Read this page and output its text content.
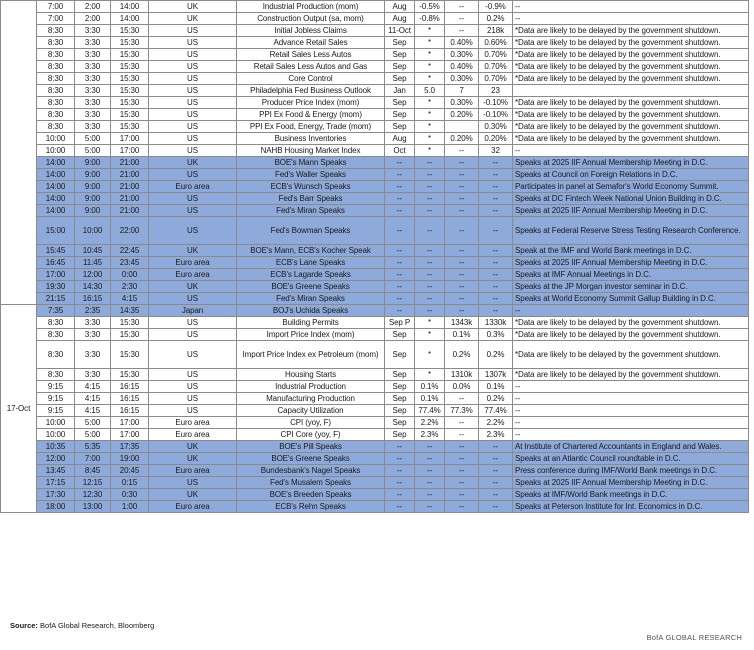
	7:00	2:00	14:00	UK	Industrial Production (mom)	Aug	-0.5%	--	-0.9%	--
	7:00	2:00	14:00	UK	Construction Output (sa, mom)	Aug	-0.8%	--	0.2%	--
	8:30	3:30	15:30	US	Initial Jobless Claims	11-Oct	*	--	218k	*Data are likely to be delayed by the government shutdown.
	8:30	3:30	15:30	US	Advance Retail Sales	Sep	*	0.40%	0.60%	*Data are likely to be delayed by the government shutdown.
	8:30	3:30	15:30	US	Retail Sales Less Autos	Sep	*	0.30%	0.70%	*Data are likely to be delayed by the government shutdown.
	8:30	3:30	15:30	US	Retail Sales Less Autos and Gas	Sep	*	0.40%	0.70%	*Data are likely to be delayed by the government shutdown.
	8:30	3:30	15:30	US	Core Control	Sep	*	0.30%	0.70%	*Data are likely to be delayed by the government shutdown.
	8:30	3:30	15:30	US	Philadelphia Fed Business Outlook	Jan	5.0	7	23	
	8:30	3:30	15:30	US	Producer Price Index (mom)	Sep	*	0.30%	-0.10%	*Data are likely to be delayed by the government shutdown.
	8:30	3:30	15:30	US	PPI Ex Food & Energy (mom)	Sep	*	0.20%	-0.10%	*Data are likely to be delayed by the government shutdown.
	8:30	3:30	15:30	US	PPI Ex Food, Energy, Trade (mom)	Sep	*		0.30%	*Data are likely to be delayed by the government shutdown.
	10:00	5:00	17:00	US	Business Inventories	Aug	*	0.20%	0.20%	*Data are likely to be delayed by the government shutdown.
	10:00	5:00	17:00	US	NAHB Housing Market Index	Oct	*	--	32	--
	14:00	9:00	21:00	UK	BOE's Mann Speaks	--	--	--	--	Speaks at 2025 IIF Annual Membership Meeting in D.C.
	14:00	9:00	21:00	US	Fed's Waller Speaks	--	--	--	--	Speaks at Council on Foreign Relations in D.C.
	14:00	9:00	21:00	Euro area	ECB's Wunsch Speaks	--	--	--	--	Participates in panel at Semafor's World Economy Summit.
	14:00	9:00	21:00	US	Fed's Barr Speaks	--	--	--	--	Speaks at DC Fintech Week National Union Building in D.C.
	14:00	9:00	21:00	US	Fed's Miran Speaks	--	--	--	--	Speaks at 2025 IIF Annual Membership Meeting in D.C.
	15:00	10:00	22:00	US	Fed's Bowman Speaks	--	--	--	--	Speaks at Federal Reserve Stress Testing Research Conference.
	15:45	10:45	22:45	UK	BOE's Mann, ECB's Kocher Speak	--	--	--	--	Speak at the IMF and World Bank meetings in D.C.
	16:45	11:45	23:45	Euro area	ECB's Lane Speaks	--	--	--	--	Speaks at 2025 IIF Annual Membership Meeting in D.C.
	17:00	12:00	0:00	Euro area	ECB's Lagarde Speaks	--	--	--	--	Speaks at IMF Annual Meetings in D.C.
	19:30	14:30	2:30	UK	BOE's Greene Speaks	--	--	--	--	Speaks at the JP Morgan investor seminar in D.C.
	21:15	16:15	4:15	US	Fed's Miran Speaks	--	--	--	--	Speaks at World Economy Summit Gallup Building in D.C.
17-Oct	7:35	2:35	14:35	Japan	BOJ's Uchida Speaks	--	--	--	--	--
	8:30	3:30	15:30	US	Building Permits	Sep P	*	1343k	1330k	*Data are likely to be delayed by the government shutdown.
	8:30	3:30	15:30	US	Import Price Index (mom)	Sep	*	0.1%	0.3%	*Data are likely to be delayed by the government shutdown.
	8:30	3:30	15:30	US	Import Price Index ex Petroleum (mom)	Sep	*	0.2%	0.2%	*Data are likely to be delayed by the government shutdown.
	8:30	3:30	15:30	US	Housing Starts	Sep	*	1310k	1307k	*Data are likely to be delayed by the government shutdown.
	9:15	4:15	16:15	US	Industrial Production	Sep	0.1%	0.0%	0.1%	--
	9:15	4:15	16:15	US	Manufacturing Production	Sep	0.1%	--	0.2%	--
	9:15	4:15	16:15	US	Capacity Utilization	Sep	77.4%	77.3%	77.4%	--
	10:00	5:00	17:00	Euro area	CPI (yoy, F)	Sep	2.2%	--	2.2%	--
	10:00	5:00	17:00	Euro area	CPI Core (yoy, F)	Sep	2.3%	--	2.3%	--
	10:35	5:35	17:35	UK	BOE's Pill Speaks	--	--	--	--	At Institute of Chartered Accountants in England and Wales.
	12:00	7:00	19:00	UK	BOE's Greene Speaks	--	--	--	--	Speaks at an Atlantic Council roundtable in D.C.
	13:45	8:45	20:45	Euro area	Bundesbank's Nagel Speaks	--	--	--	--	Press conference during IMF/World Bank meetings in D.C.
	17:15	12:15	0:15	US	Fed's Musalem Speaks	--	--	--	--	Speaks at 2025 IIF Annual Membership Meeting in D.C.
	17:30	12:30	0:30	UK	BOE's Breeden Speaks	--	--	--	--	Speaks at IMF/World Bank meetings in D.C.
	18:00	13:00	1:00	Euro area	ECB's Rehn Speaks	--	--	--	--	Speaks at Peterson Institute for Int. Economics in D.C.
Source: BofA Global Research, Bloomberg
BofA GLOBAL RESEARCH
